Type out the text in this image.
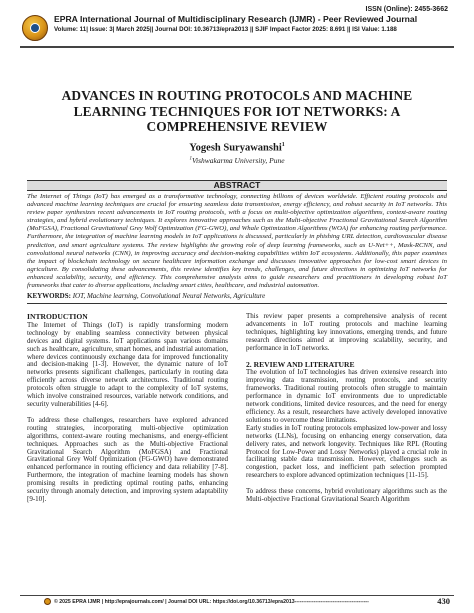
ISSN (Online): 2455-3662
EPRA International Journal of Multidisciplinary Research (IJMR) - Peer Reviewed Journal
Volume: 11| Issue: 3| March 2025|| Journal DOI: 10.36713/epra2013 || SJIF Impact Factor 2025: 8.691 || ISI Value: 1.188
ADVANCES IN ROUTING PROTOCOLS AND MACHINE
LEARNING TECHNIQUES FOR IOT NETWORKS: A
COMPREHENSIVE REVIEW
Yogesh Suryawanshi$^1$
$^1$Vishwakarma University, Pune
ABSTRACT
The Internet of Things (IoT) has emerged as a transformative technology, connecting billions of devices worldwide. Efficient routing protocols and advanced machine learning techniques are crucial for ensuring seamless data transmission, energy efficiency, and robust security in IoT networks. This review paper synthesizes recent advancements in IoT routing protocols, with a focus on multi-objective optimization algorithms, context-aware routing strategies, and hybrid evolutionary techniques. It explores innovative approaches such as the Multi-objective Fractional Gravitational Search Algorithm (MoFGSA), Fractional Gravitational Grey Wolf Optimization (FG-GWO), and Whale Optimization Algorithms (WOA) for enhancing routing performance. Furthermore, the integration of machine learning models in IoT applications is discussed, particularly in phishing URL detection, cardiovascular disease prediction, and smart agriculture systems. The review highlights the growing role of deep learning frameworks, such as U-Net++, Mask-RCNN, and convolutional neural networks (CNN), in improving accuracy and decision-making capabilities within IoT ecosystems. Additionally, this paper examines the impact of blockchain technology on secure healthcare information exchange and discusses innovative approaches for low-cost smart devices in agriculture. By consolidating these advancements, this review identifies key trends, challenges, and future directions in optimizing IoT networks for enhanced scalability, security, and efficiency. This comprehensive analysis aims to guide researchers and practitioners in developing robust IoT frameworks that cater to diverse applications, including smart cities, healthcare, and industrial automation.
KEYWORDS: IOT, Machine learning, Convolutional Neural Networks, Agriculture
INTRODUCTION
The Internet of Things (IoT) is rapidly transforming modern technology by enabling seamless connectivity between physical devices and digital systems. IoT applications span various domains such as healthcare, agriculture, smart homes, and industrial automation, where devices continuously exchange data for improved functionality and decision-making [1-3]. However, the dynamic nature of IoT networks presents significant challenges, particularly in routing data efficiently across diverse network architectures. Traditional routing protocols often struggle to adapt to the complexity of IoT systems, which involve constrained resources, variable network conditions, and security vulnerabilities [4-6].
To address these challenges, researchers have explored advanced routing strategies, incorporating multi-objective optimization algorithms, context-aware routing mechanisms, and energy-efficient techniques. Approaches such as the Multi-objective Fractional Gravitational Search Algorithm (MoFGSA) and Fractional Gravitational Grey Wolf Optimization (FG-GWO) have demonstrated enhanced performance in routing efficiency and data reliability [7-8]. Furthermore, the integration of machine learning models has shown promising results in predicting optimal routing paths, enhancing security through anomaly detection, and improving system adaptability [9-10].
This review paper presents a comprehensive analysis of recent advancements in IoT routing protocols and machine learning techniques, highlighting key innovations, emerging trends, and future research directions aimed at improving scalability, security, and performance in IoT networks.
2. REVIEW AND LITERATURE
The evolution of IoT technologies has driven extensive research into improving data transmission, routing protocols, and security frameworks. Traditional routing protocols often struggle to maintain performance in dynamic IoT environments due to unpredictable network conditions, limited device resources, and the need for energy efficiency. As a result, researchers have actively developed innovative solutions to overcome these limitations.
Early studies in IoT routing protocols emphasized low-power and lossy networks (LLNs), focusing on enhancing energy conservation, data delivery rates, and network longevity. Techniques like RPL (Routing Protocol for Low-Power and Lossy Networks) played a crucial role in facilitating stable data transmission. However, challenges such as congestion, packet loss, and inefficient path selection prompted researchers to explore advanced optimization techniques [11-15].
To address these concerns, hybrid evolutionary algorithms such as the Multi-objective Fractional Gravitational Search Algorithm
© 2025 EPRA IJMR | http://eprajournals.com/ | Journal DOI URL: https://doi.org/10.36713/epra2013-------------------------------------------	430
